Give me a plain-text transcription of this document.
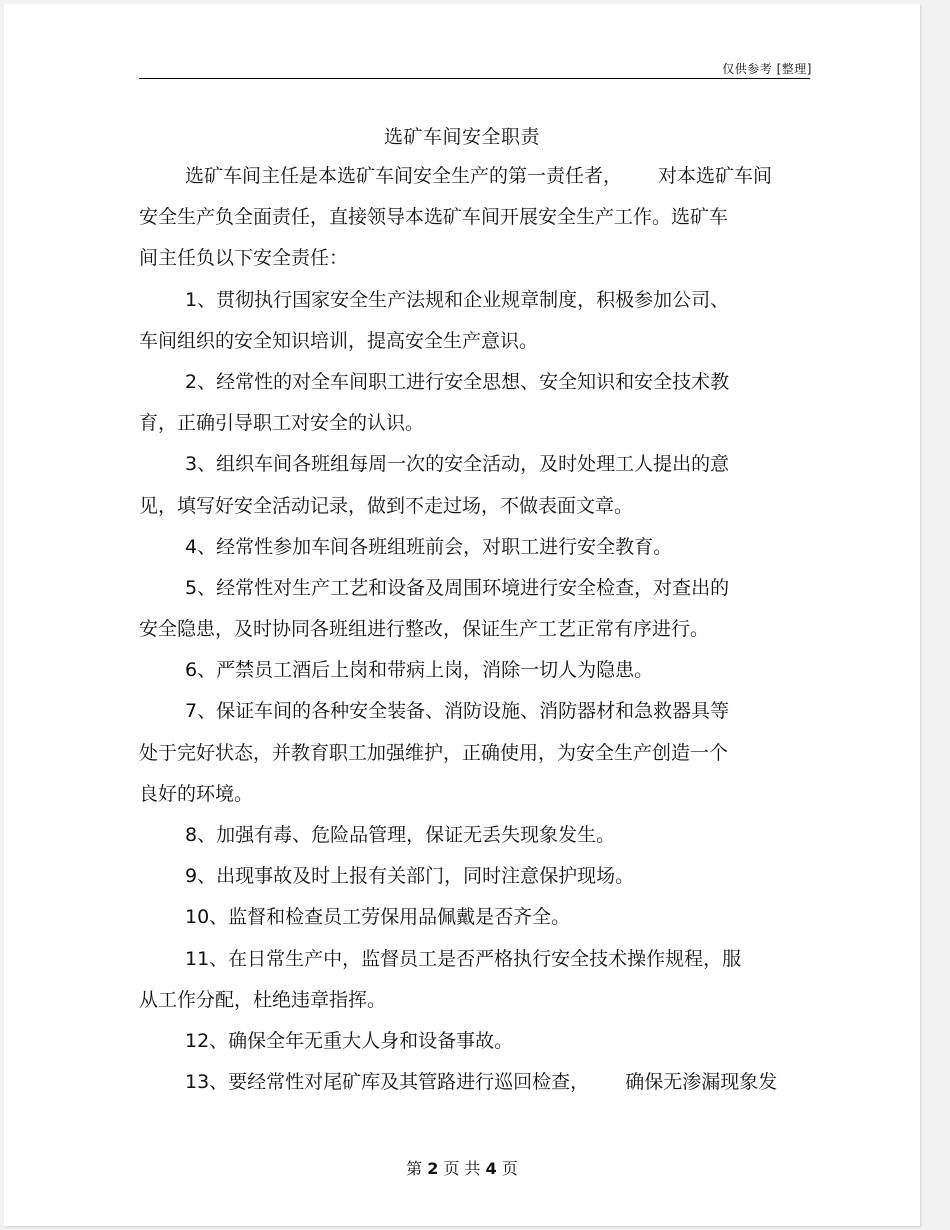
仅供参考 [整理]
选矿车间安全职责
选矿车间主任是本选矿车间安全生产的第一责任者， 对本选矿车间
安全生产负全面责任，直接领导本选矿车间开展安全生产工作。选矿车
间主任负以下安全责任：
1、贯彻执行国家安全生产法规和企业规章制度，积极参加公司、
车间组织的安全知识培训，提高安全生产意识。
2、经常性的对全车间职工进行安全思想、安全知识和安全技术教
育，正确引导职工对安全的认识。
3、组织车间各班组每周一次的安全活动，及时处理工人提出的意
见，填写好安全活动记录，做到不走过场，不做表面文章。
4、经常性参加车间各班组班前会，对职工进行安全教育。
5、经常性对生产工艺和设备及周围环境进行安全检查，对查出的
安全隐患，及时协同各班组进行整改，保证生产工艺正常有序进行。
6、严禁员工酒后上岗和带病上岗，消除一切人为隐患。
7、保证车间的各种安全装备、消防设施、消防器材和急救器具等
处于完好状态，并教育职工加强维护，正确使用，为安全生产创造一个
良好的环境。
8、加强有毒、危险品管理，保证无丢失现象发生。
9、出现事故及时上报有关部门，同时注意保护现场。
10、监督和检查员工劳保用品佩戴是否齐全。
11、在日常生产中，监督员工是否严格执行安全技术操作规程，服
从工作分配，杜绝违章指挥。
12、确保全年无重大人身和设备事故。
13、要经常性对尾矿库及其管路进行巡回检查， 确保无渗漏现象发
第 2 页 共 4 页
